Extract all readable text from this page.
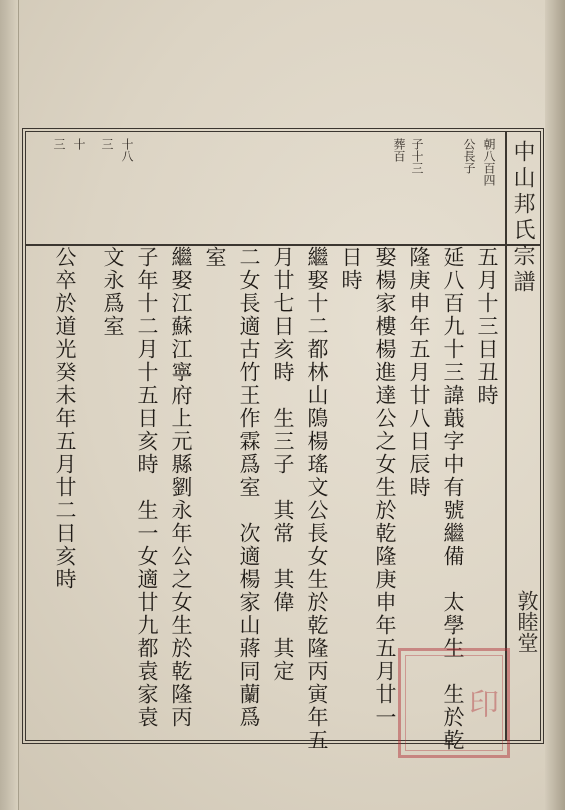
中山邦氏宗譜
敦睦堂
朝八百四
公長子
子十三
葬百
十八
三
十
三
五月十三日丑時
延八百九十三諱蕺字中有號繼備　太學生　生於乾
隆庚申年五月廿八日辰時
娶楊家樓楊進達公之女生於乾隆庚申年五月廿一
日時
繼娶十二都林山隝楊瑤文公長女生於乾隆丙寅年五
月廿七日亥時　生三子　其常　其偉　其定
二女長適古竹王作霖爲室　次適楊家山蔣同蘭爲
室
繼娶江蘇江寧府上元縣劉永年公之女生於乾隆丙
子年十二月十五日亥時　生一女適廿九都袁家袁
文永爲室
公卒於道光癸未年五月廿二日亥時
印
